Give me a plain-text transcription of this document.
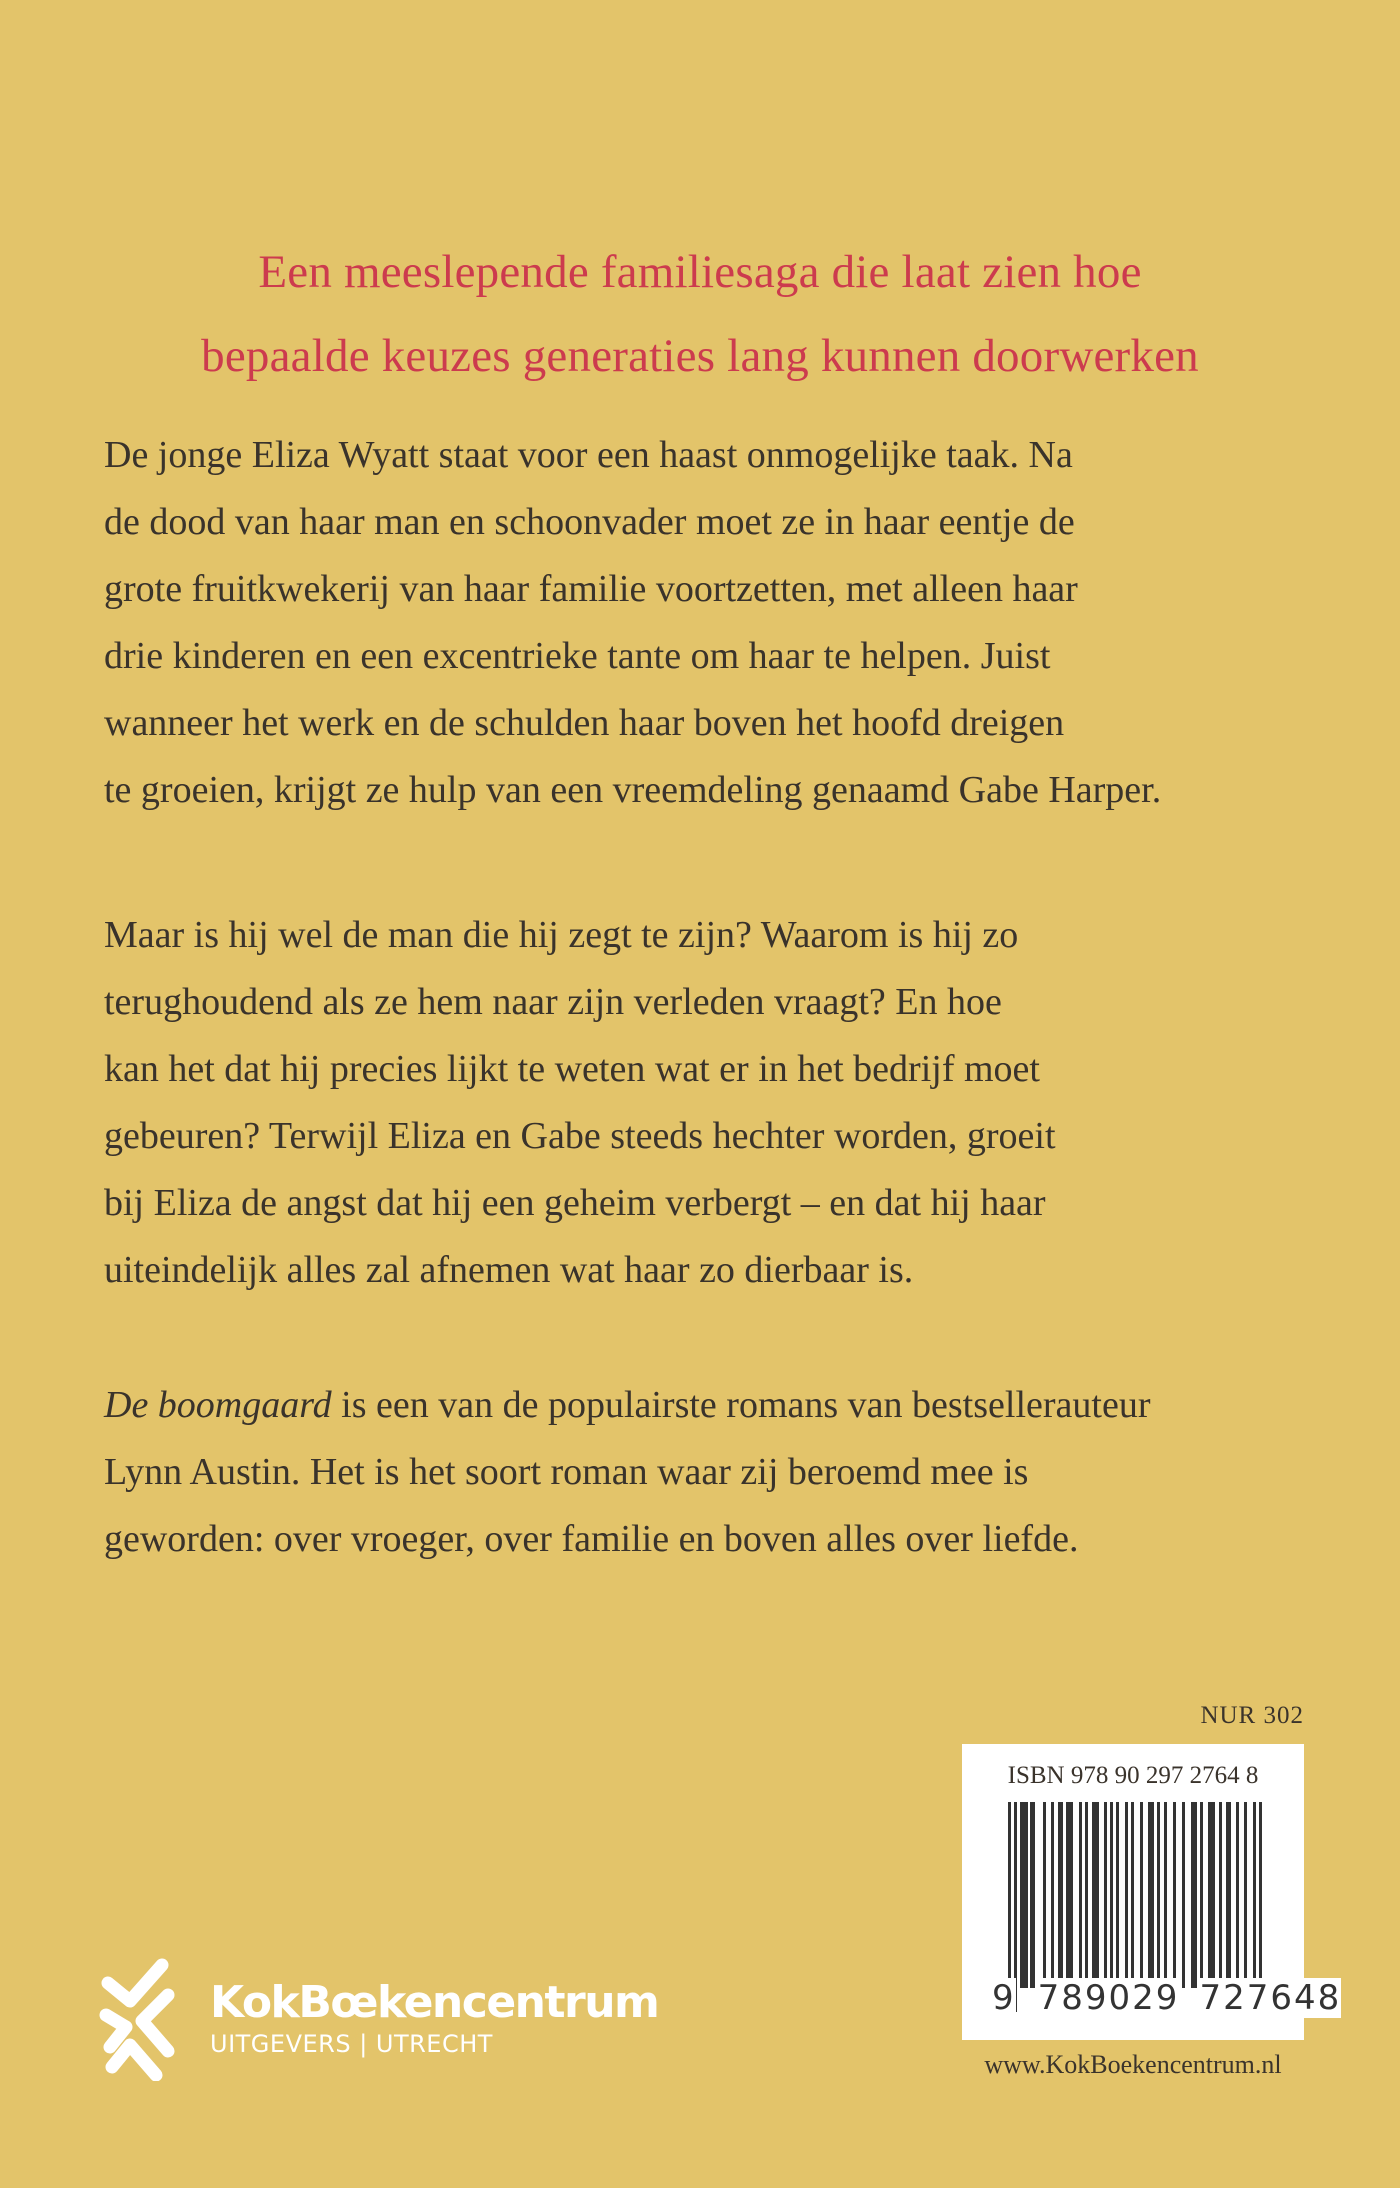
Een meeslepende familiesaga die laat zien hoe
bepaalde keuzes generaties lang kunnen doorwerken
De jonge Eliza Wyatt staat voor een haast onmogelijke taak. Na
de dood van haar man en schoonvader moet ze in haar eentje de
grote fruitkwekerij van haar familie voortzetten, met alleen haar
drie kinderen en een excentrieke tante om haar te helpen. Juist
wanneer het werk en de schulden haar boven het hoofd dreigen
te groeien, krijgt ze hulp van een vreemdeling genaamd Gabe Harper.
Maar is hij wel de man die hij zegt te zijn? Waarom is hij zo
terughoudend als ze hem naar zijn verleden vraagt? En hoe
kan het dat hij precies lijkt te weten wat er in het bedrijf moet
gebeuren? Terwijl Eliza en Gabe steeds hechter worden, groeit
bij Eliza de angst dat hij een geheim verbergt – en dat hij haar
uiteindelijk alles zal afnemen wat haar zo dierbaar is.
De boomgaard is een van de populairste romans van bestsellerauteur
Lynn Austin. Het is het soort roman waar zij beroemd mee is
geworden: over vroeger, over familie en boven alles over liefde.
NUR 302
ISBN 978 90 297 2764 8
9 789029 727648
www.KokBoekencentrum.nl
KokBœkencentrum
UITGEVERS | UTRECHT
